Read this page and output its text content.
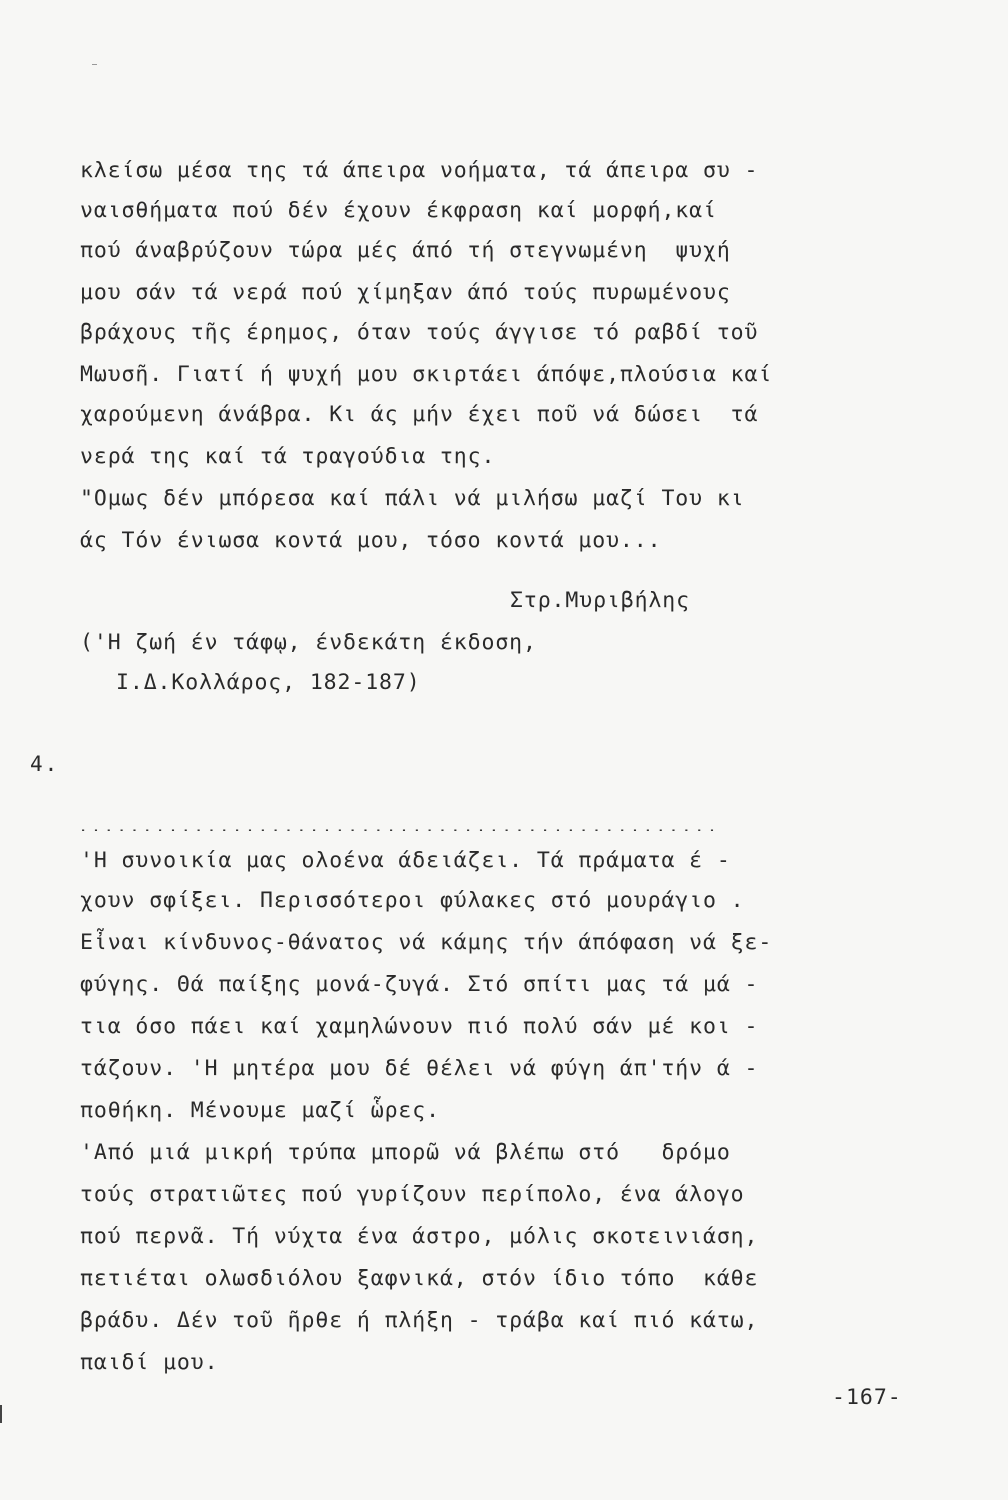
κλείσω μέσα της τά άπειρα νοήματα, τά άπειρα συ -
ναισθήματα πού δέν έχουν έκφραση καί μορφή,καί
πού άναβρύζουν τώρα μές άπό τή στεγνωμένη  ψυχή
μου σάν τά νερά πού χίμηξαν άπό τούς πυρωμένους
βράχους τῆς έρημος, όταν τούς άγγισε τό ραβδί τοῦ
Μωυσῆ. Γιατί ή ψυχή μου σκιρτάει άπόψε,πλούσια καί
χαρούμενη άνάβρα. Κι άς μήν έχει ποῦ νά δώσει  τά
νερά της καί τά τραγούδια της.
"Ομως δέν μπόρεσα καί πάλι νά μιλήσω μαζί Του κι
άς Τόν ένιωσα κοντά μου, τόσο κοντά μου...
Στρ.Μυριβήλης
('Η ζωή έν τάφῳ, ένδεκάτη έκδοση,
Ι.Δ.Κολλάρος, 182-187)
4.
..................................................
'Η συνοικία μας ολοένα άδειάζει. Τά πράματα έ -
χουν σφίξει. Περισσότεροι φύλακες στό μουράγιο .
Εἶναι κίνδυνος-θάνατος νά κάμης τήν άπόφαση νά ξε-
φύγης. Θά παίξης μονά-ζυγά. Στό σπίτι μας τά μά -
τια όσο πάει καί χαμηλώνουν πιό πολύ σάν μέ κοι -
τάζουν. 'Η μητέρα μου δέ θέλει νά φύγη άπ'τήν ά -
ποθήκη. Μένουμε μαζί ὧρες.
'Από μιά μικρή τρύπα μπορῶ νά βλέπω στό   δρόμο
τούς στρατιῶτες πού γυρίζουν περίπολο, ένα άλογο
πού περνᾶ. Τή νύχτα ένα άστρο, μόλις σκοτεινιάση,
πετιέται ολωσδιόλου ξαφνικά, στόν ίδιο τόπο  κάθε
βράδυ. Δέν τοῦ ῆρθε ή πλήξη - τράβα καί πιό κάτω,
παιδί μου.
-167-
